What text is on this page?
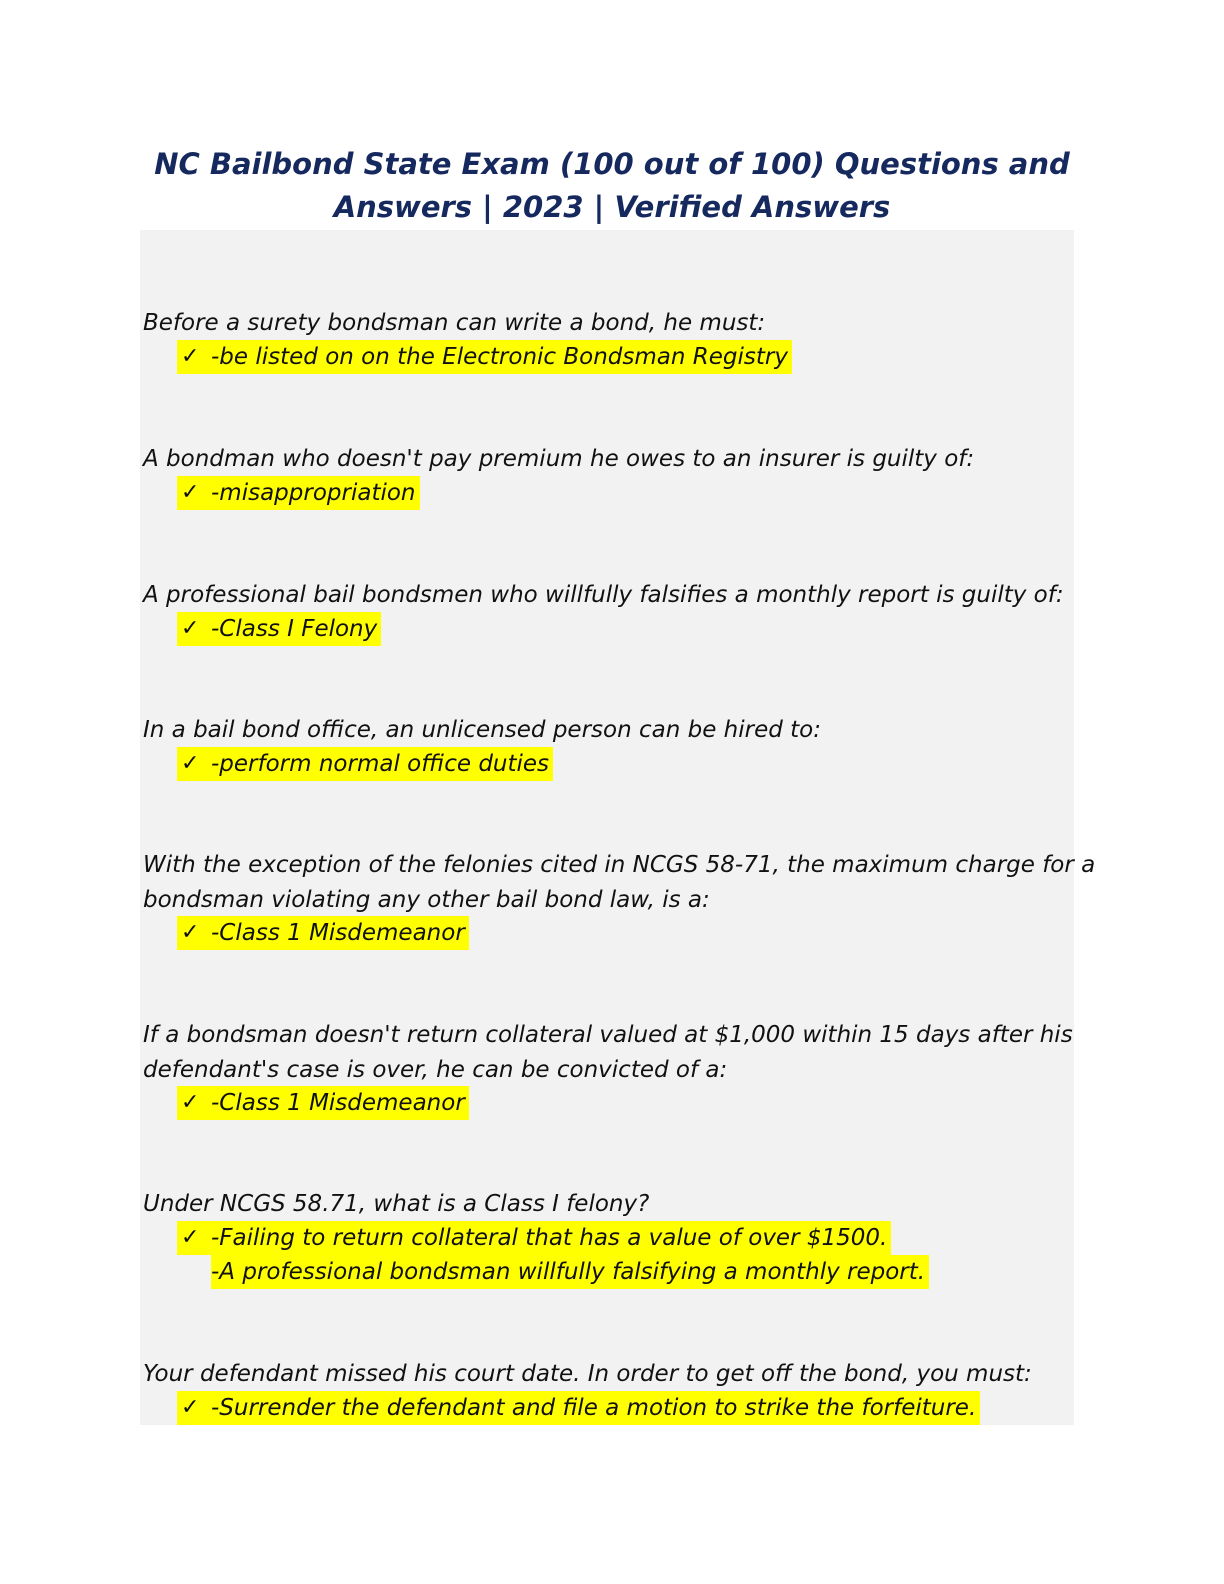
NC Bailbond State Exam (100 out of 100) Questions and
Answers | 2023 | Verified Answers
Before a surety bondsman can write a bond, he must:
✓ -be listed on on the Electronic Bondsman Registry
A bondman who doesn't pay premium he owes to an insurer is guilty of:
✓ -misappropriation
A professional bail bondsmen who willfully falsifies a monthly report is guilty of:
✓ -Class I Felony
In a bail bond office, an unlicensed person can be hired to:
✓ -perform normal office duties
With the exception of the felonies cited in NCGS 58-71, the maximum charge for a
bondsman violating any other bail bond law, is a:
✓ -Class 1 Misdemeanor
If a bondsman doesn't return collateral valued at $1,000 within 15 days after his
defendant's case is over, he can be convicted of a:
✓ -Class 1 Misdemeanor
Under NCGS 58.71, what is a Class I felony?
✓ -Failing to return collateral that has a value of over $1500.
-A professional bondsman willfully falsifying a monthly report.
Your defendant missed his court date. In order to get off the bond, you must:
✓ -Surrender the defendant and file a motion to strike the forfeiture.
